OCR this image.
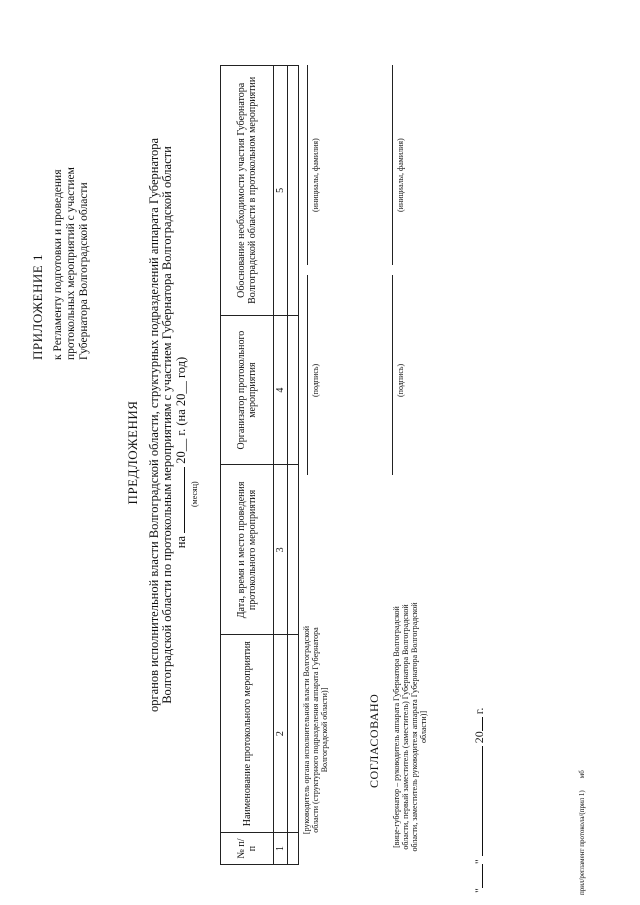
ПРИЛОЖЕНИЕ 1 к Регламенту подготовки и проведения протокольных мероприятий с участием Губернатора Волгоградской области
ПРЕДЛОЖЕНИЯ органов исполнительной власти Волгоградской области, структурных подразделений аппарата Губернатора Волгоградской области по протокольным мероприятиям с участием Губернатора Волгоградской области на  20__ г. (на 20__ год)
(месяц)
№ п/п	Наименование протокольного мероприятия	Дата, время и место проведения протокольного мероприятия	Организатор протокольного мероприятия	Обоснование необходимости участия Губернатора Волгоградской области в протокольном мероприятии
1	2	3	4	5

[руководитель органа исполнительной власти Волгоградской области (структурного подразделения аппарата Губернатора Волгоградской области)]
(подпись)
(инициалы, фамилия)
СОГЛАСОВАНО [вице-губернатор – руководитель аппарата Губернатора Волгоградской области, первый заместитель (заместитель) Губернатора Волгоградской области, заместитель руководителя аппарата Губернатора Волгоградской области)]
(подпись)
(инициалы, фамилия)
""  20 г.
прил/регламент протокола/(прил 1)мб
